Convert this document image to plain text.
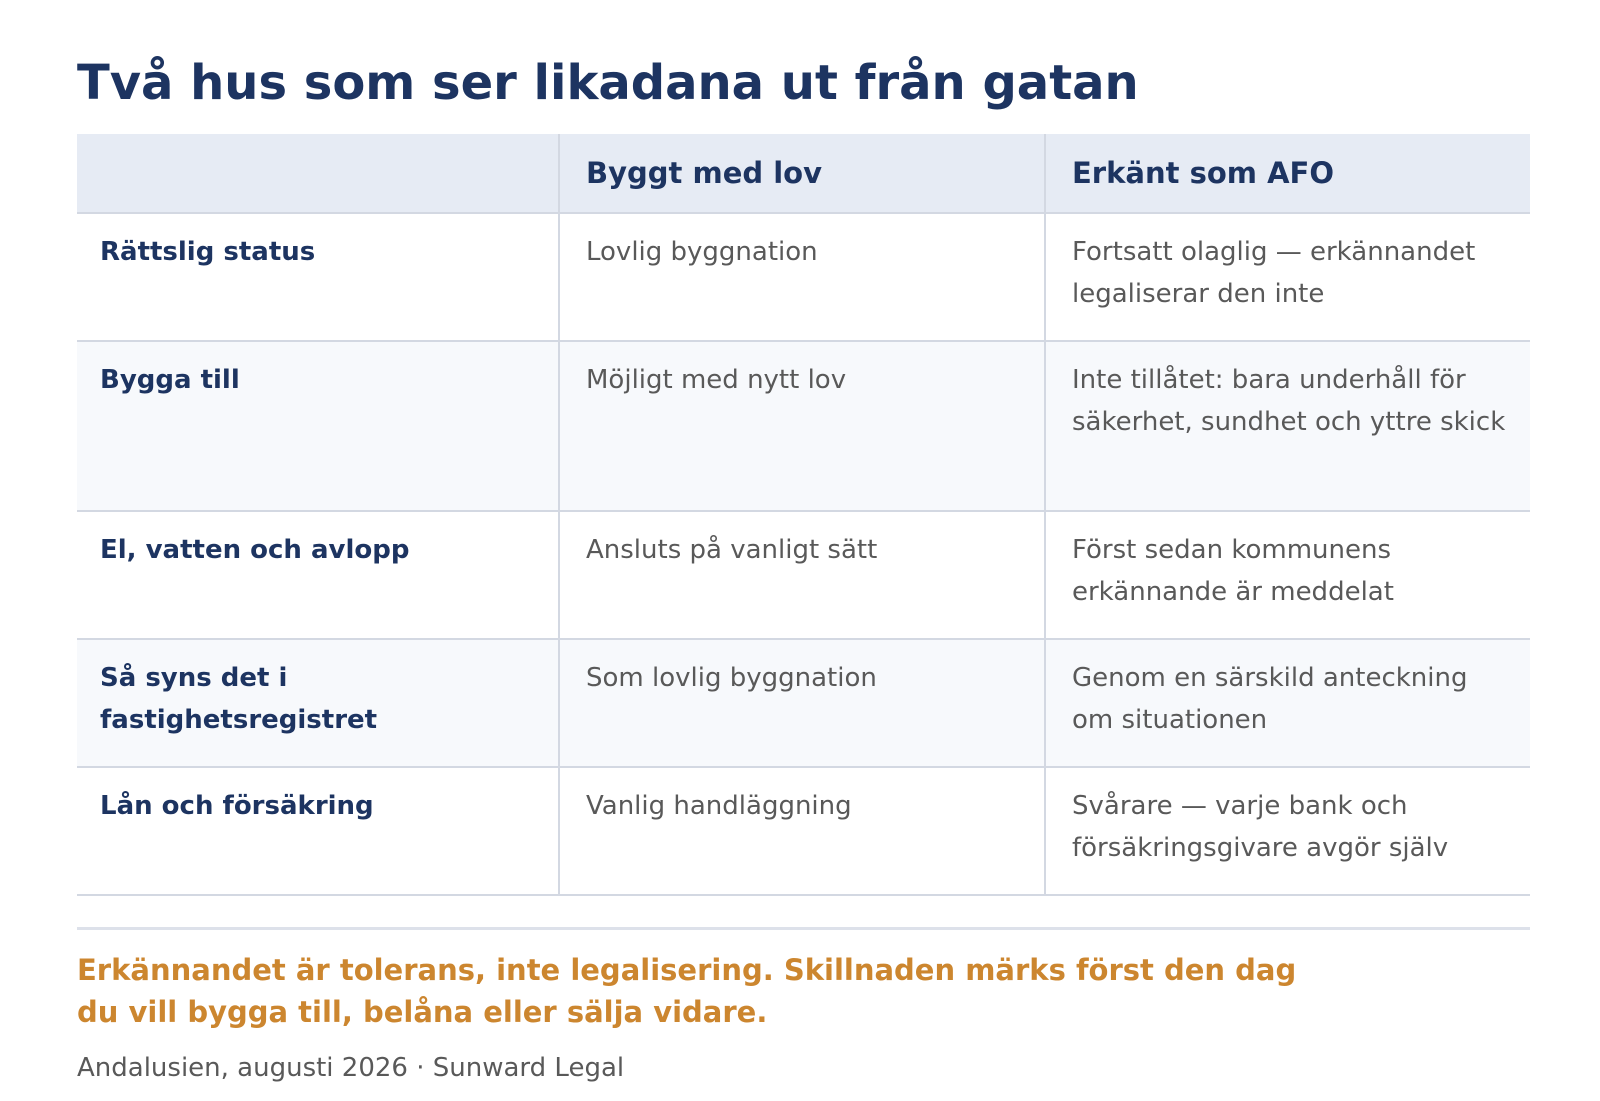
Två hus som ser likadana ut från gatan
	Byggt med lov	Erkänt som AFO
Rättslig status	Lovlig byggnation	Fortsatt olaglig — erkännandet legaliserar den inte
Bygga till	Möjligt med nytt lov	Inte tillåtet: bara underhåll för säkerhet, sundhet och yttre skick
El, vatten och avlopp	Ansluts på vanligt sätt	Först sedan kommunens erkännande är meddelat
Så syns det i fastighetsregistret	Som lovlig byggnation	Genom en särskild anteckning om situationen
Lån och försäkring	Vanlig handläggning	Svårare — varje bank och försäkringsgivare avgör själv

Erkännandet är tolerans, inte legalisering. Skillnaden märks först den dag du vill bygga till, belåna eller sälja vidare.

Andalusien, augusti 2026 · Sunward Legal
